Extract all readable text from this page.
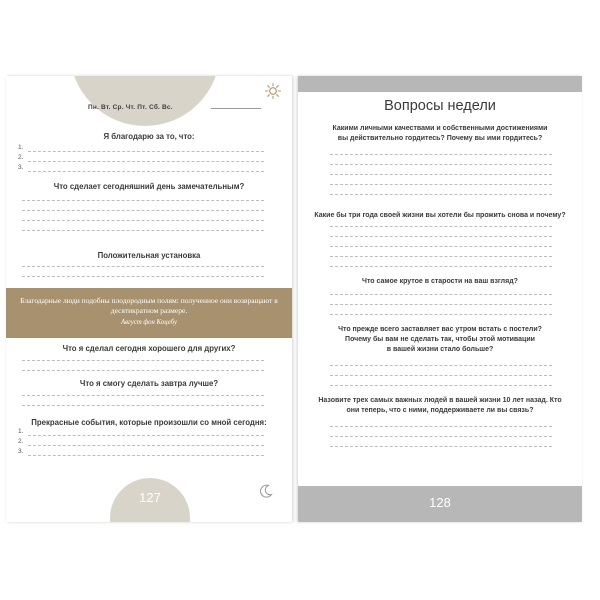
Пн. Вт. Ср. Чт. Пт. Сб. Вс.
Я благодарю за то, что:
1.
2.
3.
Что сделает сегодняшний день замечательным?
Положительная установка
Благодарные люди подобны плодородным полям: полученное они возвращают в десятикратном размере.
Август фон Коцебу
Что я сделал сегодня хорошего для других?
Что я смогу сделать завтра лучше?
Прекрасные события, которые произошли со мной сегодня:
1.
2.
3.
127
Вопросы недели
Какими личными качествами и собственными достижениями
вы действительно гордитесь? Почему вы ими гордитесь?
Какие бы три года своей жизни вы хотели бы прожить снова и почему?
Что самое крутое в старости на ваш взгляд?
Что прежде всего заставляет вас утром встать с постели?
Почему бы вам не сделать так, чтобы этой мотивации
в вашей жизни стало больше?
Назовите трех самых важных людей в вашей жизни 10 лет назад. Кто
они теперь, что с ними, поддерживаете ли вы связь?
128
